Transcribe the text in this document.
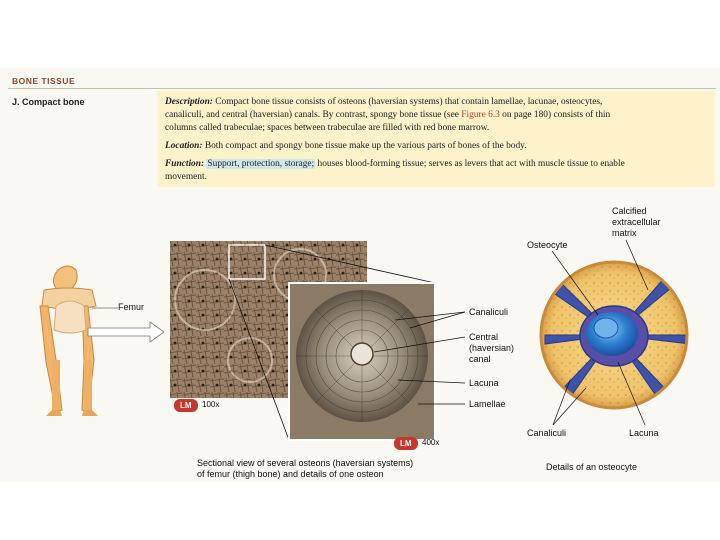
BONE TISSUE
J. Compact bone	Description: Compact bone tissue consists of osteons (haversian systems) that contain lamellae, lacunae, osteocytes,
canaliculi, and central (haversian) canals. By contrast, spongy bone tissue (see Figure 6.3 on page 180) consists of thin
columns called trabeculae; spaces between trabeculae are filled with red bone marrow.
Location: Both compact and spongy bone tissue make up the various parts of bones of the body.
Function: Support, protection, storage; houses blood-forming tissue; serves as levers that act with muscle tissue to enable
movement.
Femur
LM	100x
LM	400x
Canaliculi
Central
(haversian)
canal
Lacuna
Lamellae
Sectional view of several osteons (haversian systems)
of femur (thigh bone) and details of one osteon
Osteocyte
Calcified
extracellular
matrix
Canaliculi	Lacuna
Details of an osteocyte
